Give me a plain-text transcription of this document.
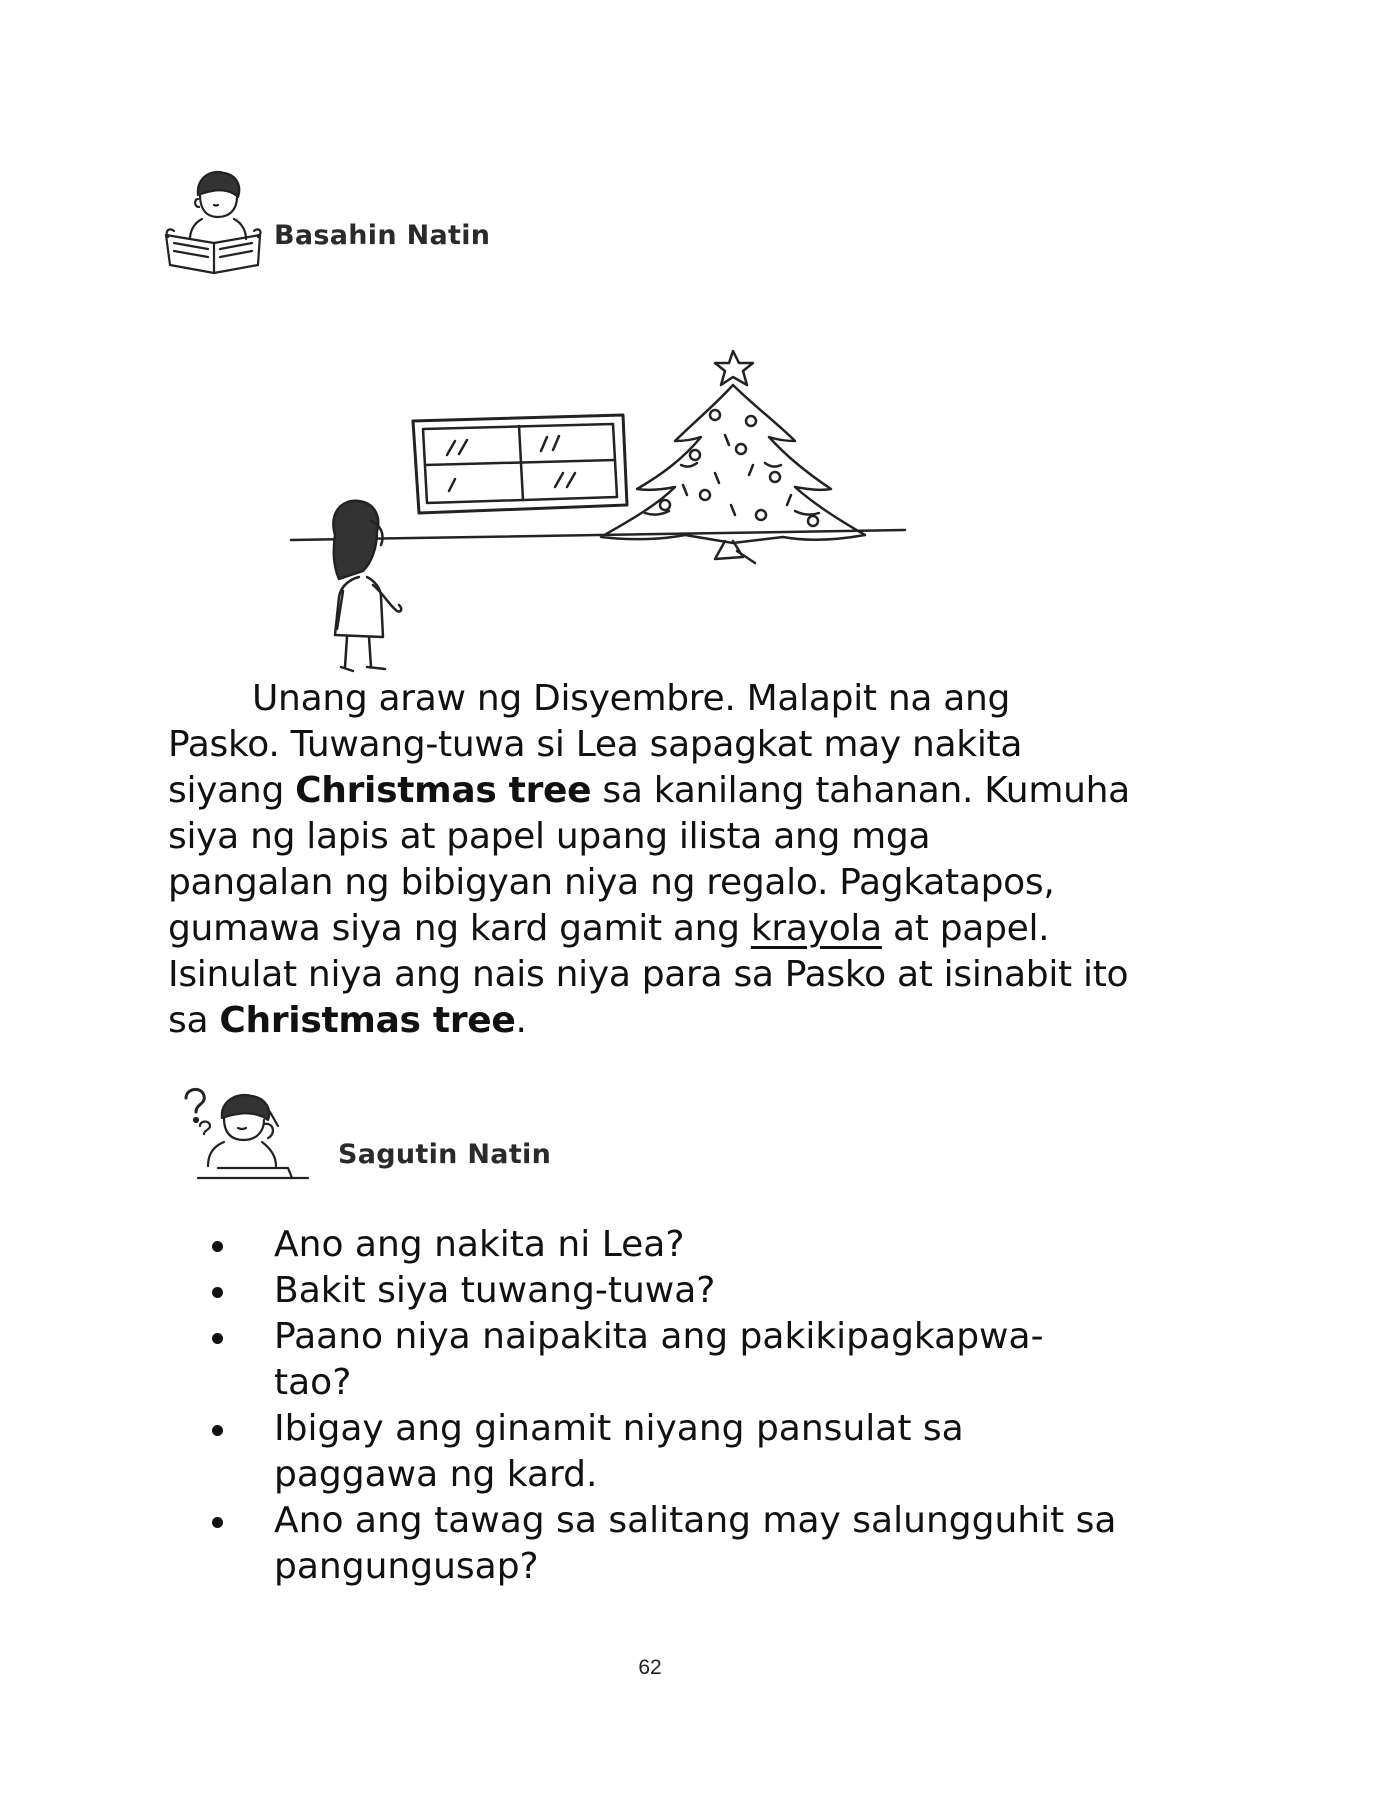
Basahin Natin

Unang araw ng Disyembre. Malapit na ang
Pasko. Tuwang-tuwa si Lea sapagkat may nakita
siyang Christmas tree sa kanilang tahanan. Kumuha
siya ng lapis at papel upang ilista ang mga
pangalan ng bibigyan niya ng regalo. Pagkatapos,
gumawa siya ng kard gamit ang krayola at papel.
Isinulat niya ang nais niya para sa Pasko at isinabit ito
sa Christmas tree.

Sagutin Natin
Ano ang nakita ni Lea?
Bakit siya tuwang-tuwa?
Paano niya naipakita ang pakikipagkapwa-
tao?
Ibigay ang ginamit niyang pansulat sa
paggawa ng kard.
Ano ang tawag sa salitang may salungguhit sa
pangungusap?
62
